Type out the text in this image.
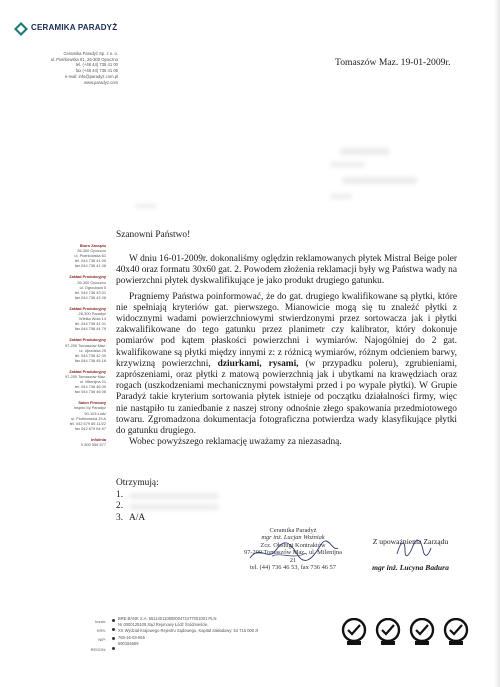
CERAMIKA PARADYŻ
Ceramika Paradyż Sp. z o. o.
ul. Piotrkowska 61, 26-300 Opoczno
tel. (+48 44) 736 41 00
fax (+48 44) 736 41 06
e-mail: info@paradyz.com.pl
www.paradyz.com
Biuro Zarządu
26-300 Opoczno
ul. Piotrkowska 61
tel. 044 736 41 00
fax 044 736 41 06
Zakład Produkcyjny
26-300 Opoczno
ul. Ogrodowa 5
tel. 044 736 43 01
fax 044 736 43 06
Zakład Produkcyjny
26-300 Paradyż
Wielka Wola 14
tel. 044 736 41 01
fax 044 758 44 79
Zakład Produkcyjny
97-200 Tomaszów Maz.
ul. Ujezdzka 25
tel. 044 736 42 00
fax 044 736 45 16
Zakład Produkcyjny
97-200 Tomaszów Maz.
ul. Milenijna 21
tel. 044 736 46 00
fax 044 736 46 06
Salon Firmowy
Inspiro by Paradyż
90-103 Łódź
ul. Piotrkowska 19 A
tel. 042 679 65 11/22
fax 042 679 64 67
Infolinia
0 800 556 677
Tomaszów Maz. 19-01-2009r.
Szanowni Państwo!

W dniu 16-01-2009r. dokonaliśmy oględzin reklamowanych płytek Mistral Beige poler 40x40 oraz formatu 30x60 gat. 2. Powodem złożenia reklamacji były wg Państwa wady na powierzchni płytek dyskwalifikujące je jako produkt drugiego gatunku.

Pragniemy Państwa poinformować, że do gat. drugiego kwalifikowane są płytki, które nie spełniają kryteriów gat. pierwszego. Mianowicie mogą się tu znaleźć płytki z widocznymi wadami powierzchniowymi stwierdzonymi przez sortowacza jak i płytki zakwalifikowane do tego gatunku przez planimetr czy kalibrator, który dokonuje pomiarów pod kątem płaskości powierzchni i wymiarów. Najogólniej do 2 gat. kwalifikowane są płytki między innymi z: z różnicą wymiarów, różnym odcieniem barwy, krzywizną powierzchni, dziurkami, rysami, (w przypadku poleru), zgrubieniami, zaprószeniami, oraz płytki z matową powierzchnią jak i ubytkami na krawędziach oraz rogach (uszkodzeniami mechanicznymi powstałymi przed i po wypale płytki). W Grupie Paradyż takie kryterium sortowania płytek istnieje od początku działalności firmy, więc nie nastąpiło tu zaniedbanie z naszej strony odnośnie złego spakowania przedmiotowego towaru. Zgromadzona dokumentacja fotograficzna potwierdza wady klasyfikujące płytki do gatunku drugiego.

Wobec powyższego reklamację uważamy za niezasadną.

Otrzymują:
1.
2.
3. A/A
Ceramika Paradyż
mgr inż. Lucjan Woźniak
Zcz. Obsługi Kontraktów
97-200 Tomaszów Maz., ul. Milenijna 21
tel. (44) 736 46 53, fax 736 46 57
Z upoważnienia Zarządu
mgr inż. Lucyna Badura
konto:
KRS:
NIP:
REGON:
BRE BANK S.A. 65114011080000472477001001 PLN
Nr 0000125109 Sąd Rejonowy Łódź Śródmieście,
XX Wydział Krajowego Rejestru Sądowego, Kapitał zakładowy: 54 716 000 zł
768-16-03-555
590184659
